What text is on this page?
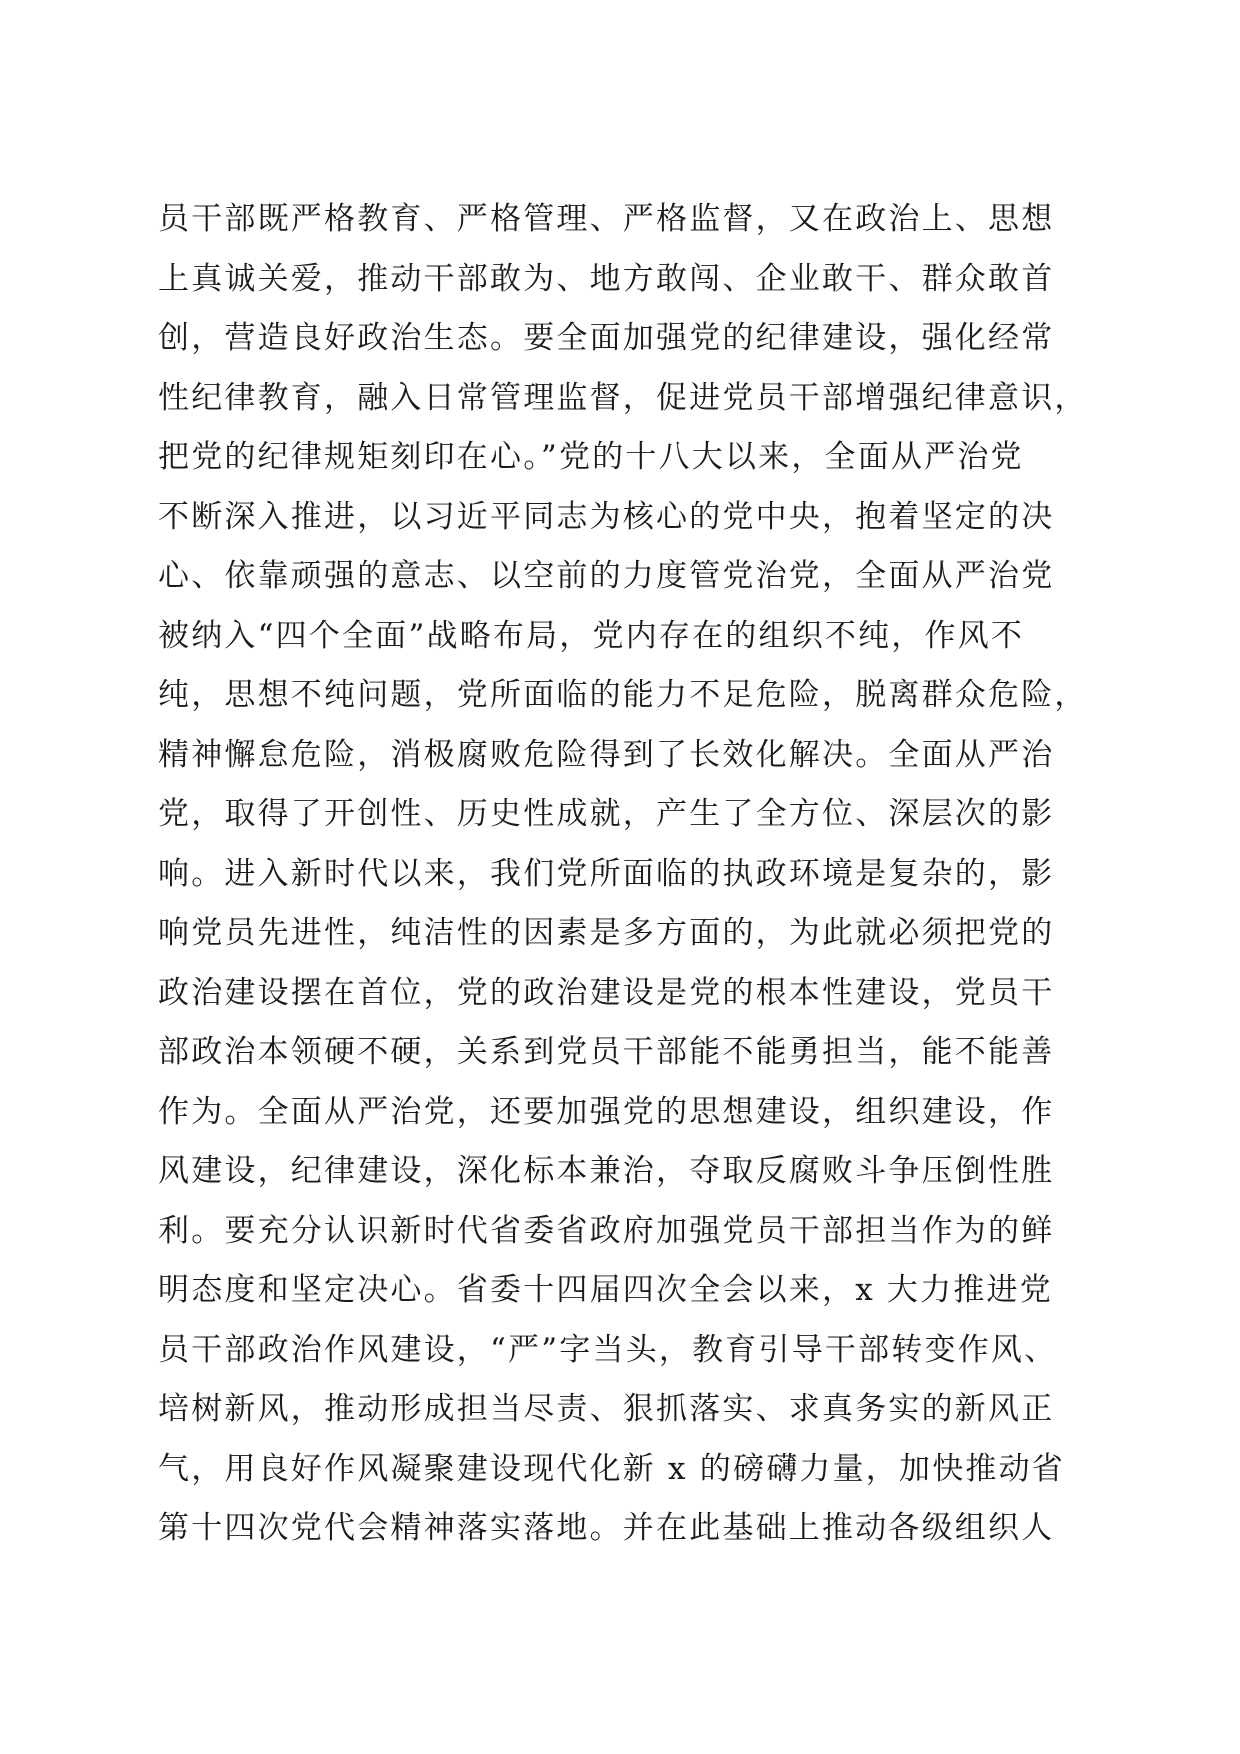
员干部既严格教育、严格管理、严格监督，又在政治上、思想
上真诚关爱，推动干部敢为、地方敢闯、企业敢干、群众敢首
创，营造良好政治生态。要全面加强党的纪律建设，强化经常
性纪律教育，融入日常管理监督，促进党员干部增强纪律意识，
把党的纪律规矩刻印在心。”党的十八大以来，全面从严治党
不断深入推进，以习近平同志为核心的党中央，抱着坚定的决
心、依靠顽强的意志、以空前的力度管党治党，全面从严治党
被纳入“四个全面”战略布局，党内存在的组织不纯，作风不
纯，思想不纯问题，党所面临的能力不足危险，脱离群众危险，
精神懈怠危险，消极腐败危险得到了长效化解决。全面从严治
党，取得了开创性、历史性成就，产生了全方位、深层次的影
响。进入新时代以来，我们党所面临的执政环境是复杂的，影
响党员先进性，纯洁性的因素是多方面的，为此就必须把党的
政治建设摆在首位，党的政治建设是党的根本性建设，党员干
部政治本领硬不硬，关系到党员干部能不能勇担当，能不能善
作为。全面从严治党，还要加强党的思想建设，组织建设，作
风建设，纪律建设，深化标本兼治，夺取反腐败斗争压倒性胜
利。要充分认识新时代省委省政府加强党员干部担当作为的鲜
明态度和坚定决心。省委十四届四次全会以来，x 大力推进党
员干部政治作风建设，“严”字当头，教育引导干部转变作风、
培树新风，推动形成担当尽责、狠抓落实、求真务实的新风正
气，用良好作风凝聚建设现代化新 x 的磅礴力量，加快推动省
第十四次党代会精神落实落地。并在此基础上推动各级组织人
